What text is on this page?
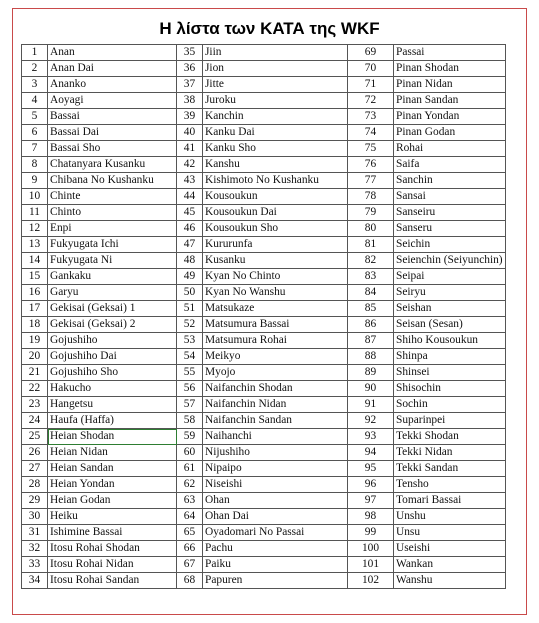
Η λίστα των ΚΑΤΑ της WKF
1	Anan	35	Jiin	69	Passai
2	Anan Dai	36	Jion	70	Pinan Shodan
3	Ananko	37	Jitte	71	Pinan Nidan
4	Aoyagi	38	Juroku	72	Pinan Sandan
5	Bassai	39	Kanchin	73	Pinan Yondan
6	Bassai Dai	40	Kanku Dai	74	Pinan Godan
7	Bassai Sho	41	Kanku Sho	75	Rohai
8	Chatanyara Kusanku	42	Kanshu	76	Saifa
9	Chibana No Kushanku	43	Kishimoto No Kushanku	77	Sanchin
10	Chinte	44	Kousoukun	78	Sansai
11	Chinto	45	Kousoukun Dai	79	Sanseiru
12	Enpi	46	Kousoukun Sho	80	Sanseru
13	Fukyugata Ichi	47	Kururunfa	81	Seichin
14	Fukyugata Ni	48	Kusanku	82	Seienchin (Seiyunchin)
15	Gankaku	49	Kyan No Chinto	83	Seipai
16	Garyu	50	Kyan No Wanshu	84	Seiryu
17	Gekisai (Geksai) 1	51	Matsukaze	85	Seishan
18	Gekisai (Geksai) 2	52	Matsumura Bassai	86	Seisan (Sesan)
19	Gojushiho	53	Matsumura Rohai	87	Shiho Kousoukun
20	Gojushiho Dai	54	Meikyo	88	Shinpa
21	Gojushiho Sho	55	Myojo	89	Shinsei
22	Hakucho	56	Naifanchin Shodan	90	Shisochin
23	Hangetsu	57	Naifanchin Nidan	91	Sochin
24	Haufa (Haffa)	58	Naifanchin Sandan	92	Suparinpei
25	Heian Shodan	59	Naihanchi	93	Tekki Shodan
26	Heian Nidan	60	Nijushiho	94	Tekki Nidan
27	Heian Sandan	61	Nipaipo	95	Tekki Sandan
28	Heian Yondan	62	Niseishi	96	Tensho
29	Heian Godan	63	Ohan	97	Tomari Bassai
30	Heiku	64	Ohan Dai	98	Unshu
31	Ishimine Bassai	65	Oyadomari No Passai	99	Unsu
32	Itosu Rohai Shodan	66	Pachu	100	Useishi
33	Itosu Rohai Nidan	67	Paiku	101	Wankan
34	Itosu Rohai Sandan	68	Papuren	102	Wanshu
